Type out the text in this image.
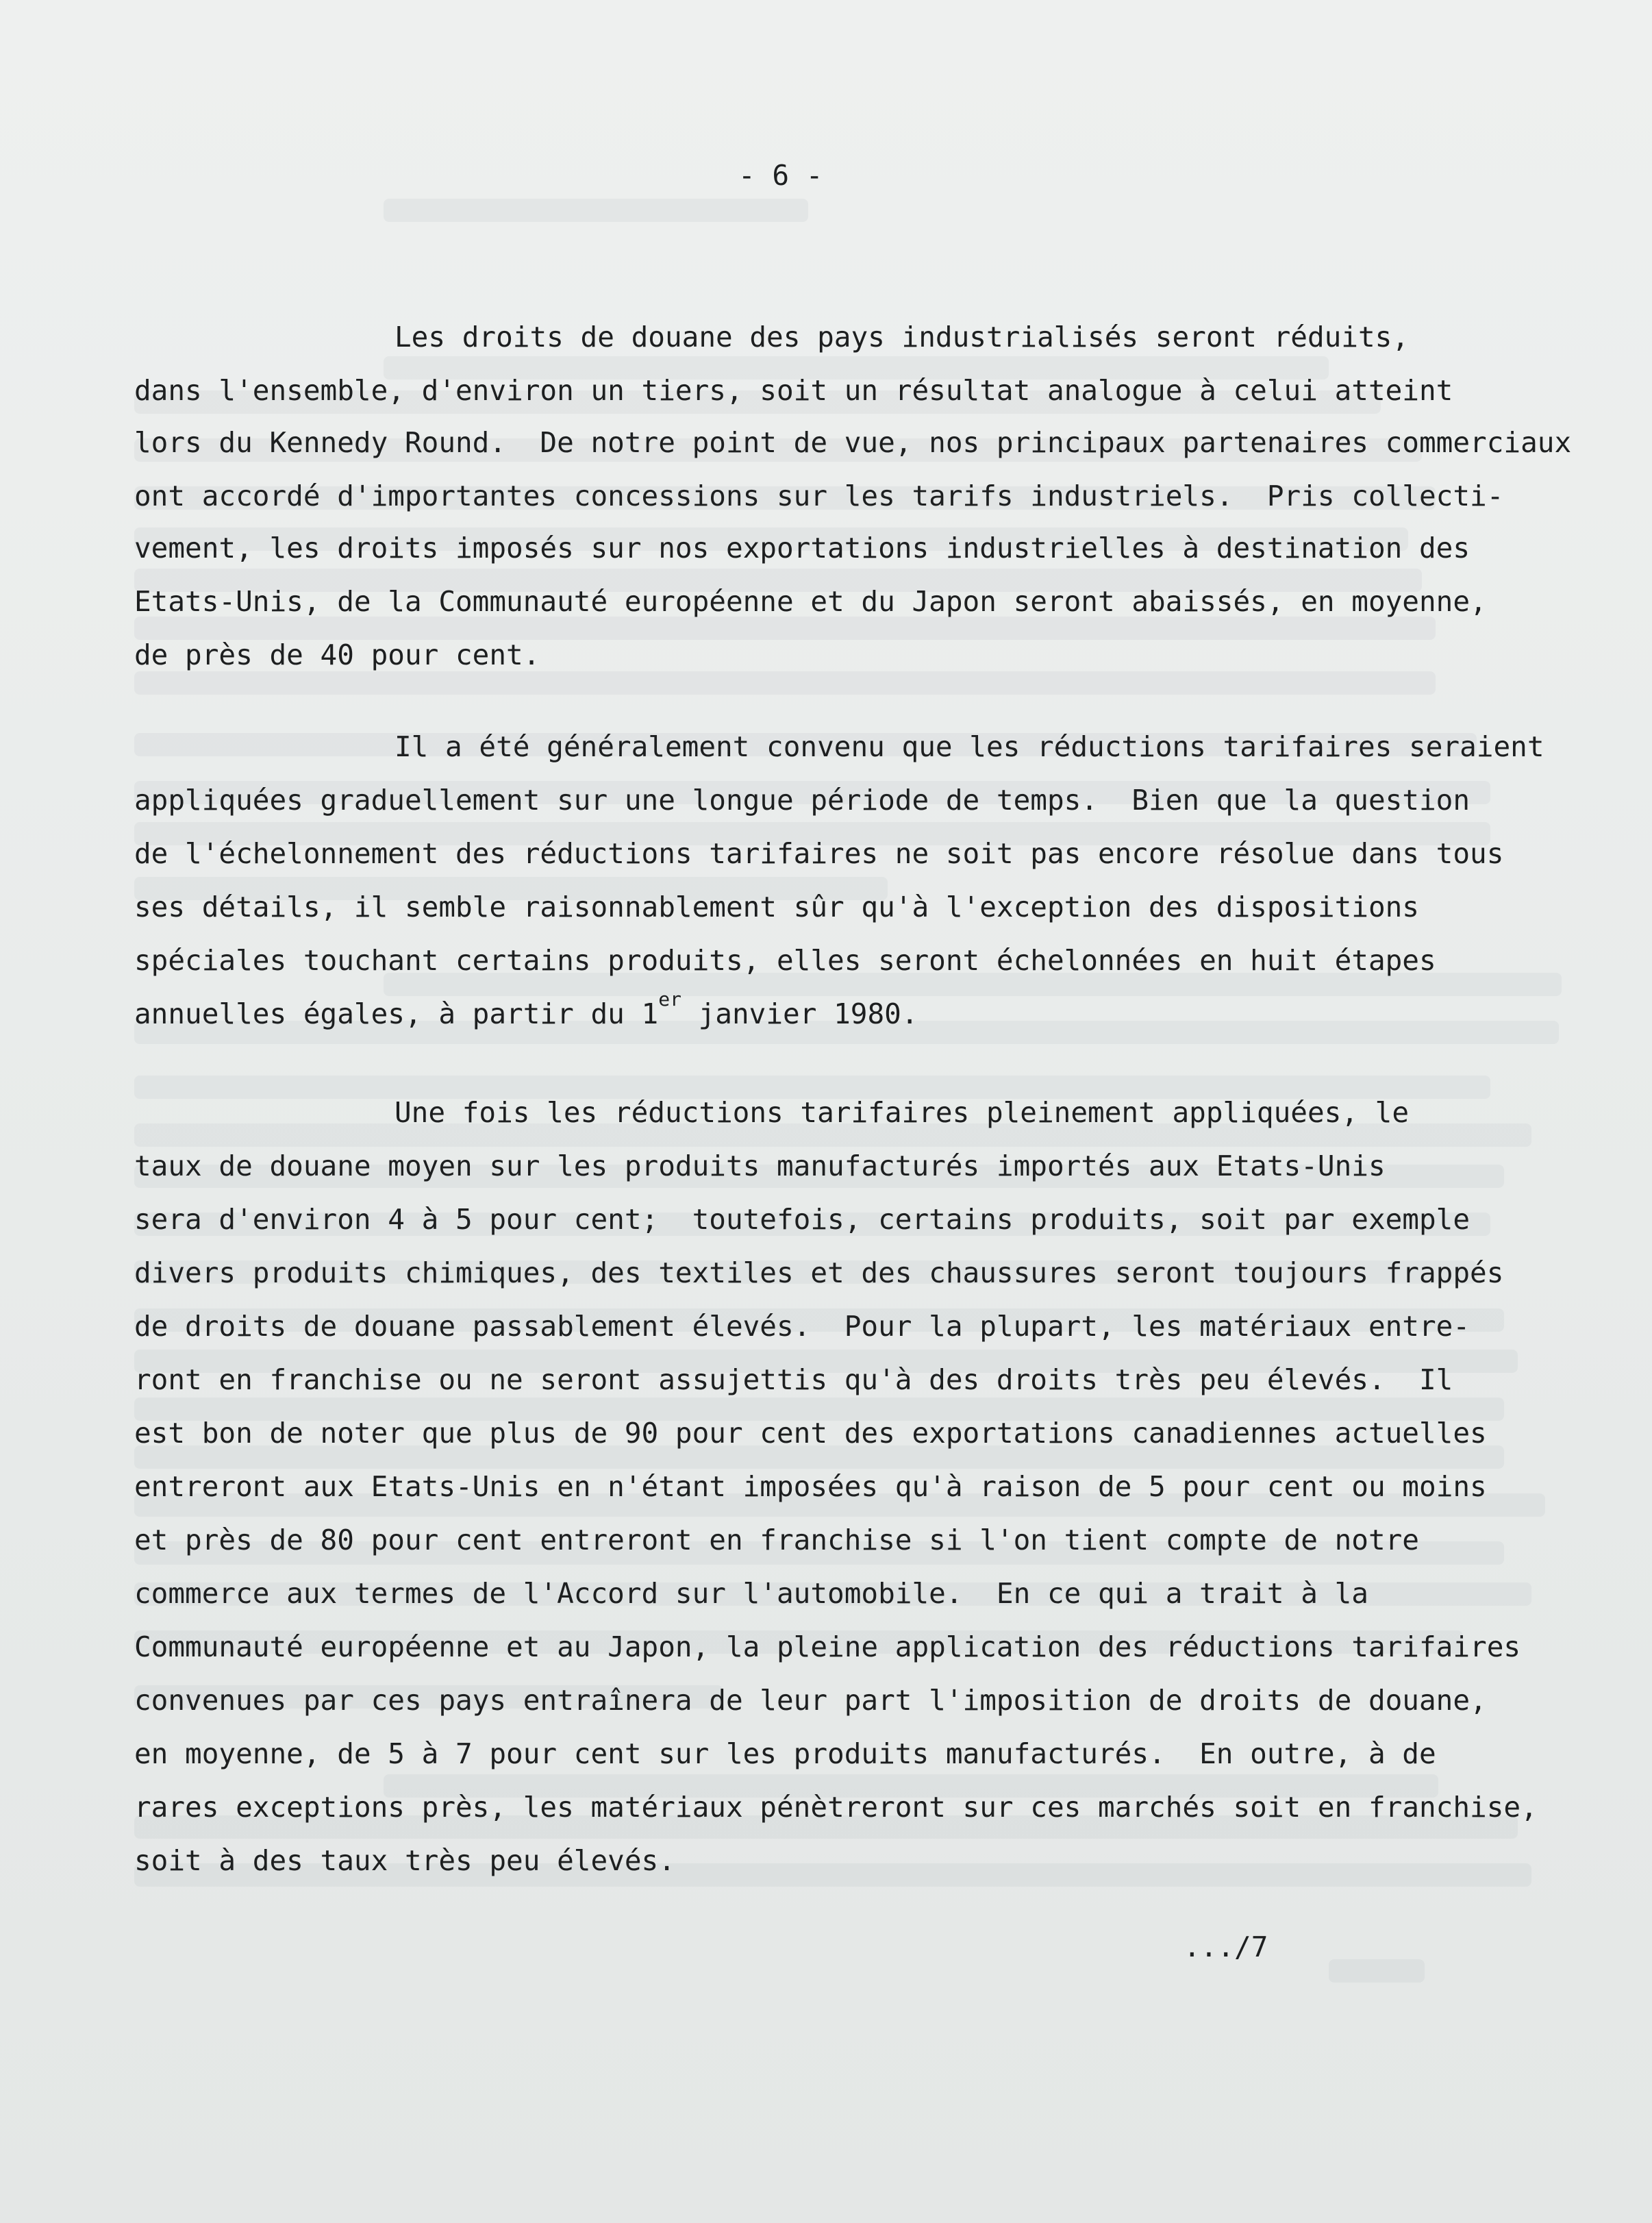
- 6 -
Les droits de douane des pays industrialisés seront réduits,
dans l'ensemble, d'environ un tiers, soit un résultat analogue à celui atteint
lors du Kennedy Round.  De notre point de vue, nos principaux partenaires commerciaux
ont accordé d'importantes concessions sur les tarifs industriels.  Pris collecti-
vement, les droits imposés sur nos exportations industrielles à destination des
Etats-Unis, de la Communauté européenne et du Japon seront abaissés, en moyenne,
de près de 40 pour cent.
Il a été généralement convenu que les réductions tarifaires seraient
appliquées graduellement sur une longue période de temps.  Bien que la question
de l'échelonnement des réductions tarifaires ne soit pas encore résolue dans tous
ses détails, il semble raisonnablement sûr qu'à l'exception des dispositions
spéciales touchant certains produits, elles seront échelonnées en huit étapes
annuelles égales, à partir du 1er janvier 1980.
Une fois les réductions tarifaires pleinement appliquées, le
taux de douane moyen sur les produits manufacturés importés aux Etats-Unis
sera d'environ 4 à 5 pour cent;  toutefois, certains produits, soit par exemple
divers produits chimiques, des textiles et des chaussures seront toujours frappés
de droits de douane passablement élevés.  Pour la plupart, les matériaux entre-
ront en franchise ou ne seront assujettis qu'à des droits très peu élevés.  Il
est bon de noter que plus de 90 pour cent des exportations canadiennes actuelles
entreront aux Etats-Unis en n'étant imposées qu'à raison de 5 pour cent ou moins
et près de 80 pour cent entreront en franchise si l'on tient compte de notre
commerce aux termes de l'Accord sur l'automobile.  En ce qui a trait à la
Communauté européenne et au Japon, la pleine application des réductions tarifaires
convenues par ces pays entraînera de leur part l'imposition de droits de douane,
en moyenne, de 5 à 7 pour cent sur les produits manufacturés.  En outre, à de
rares exceptions près, les matériaux pénètreront sur ces marchés soit en franchise,
soit à des taux très peu élevés.
.../7
